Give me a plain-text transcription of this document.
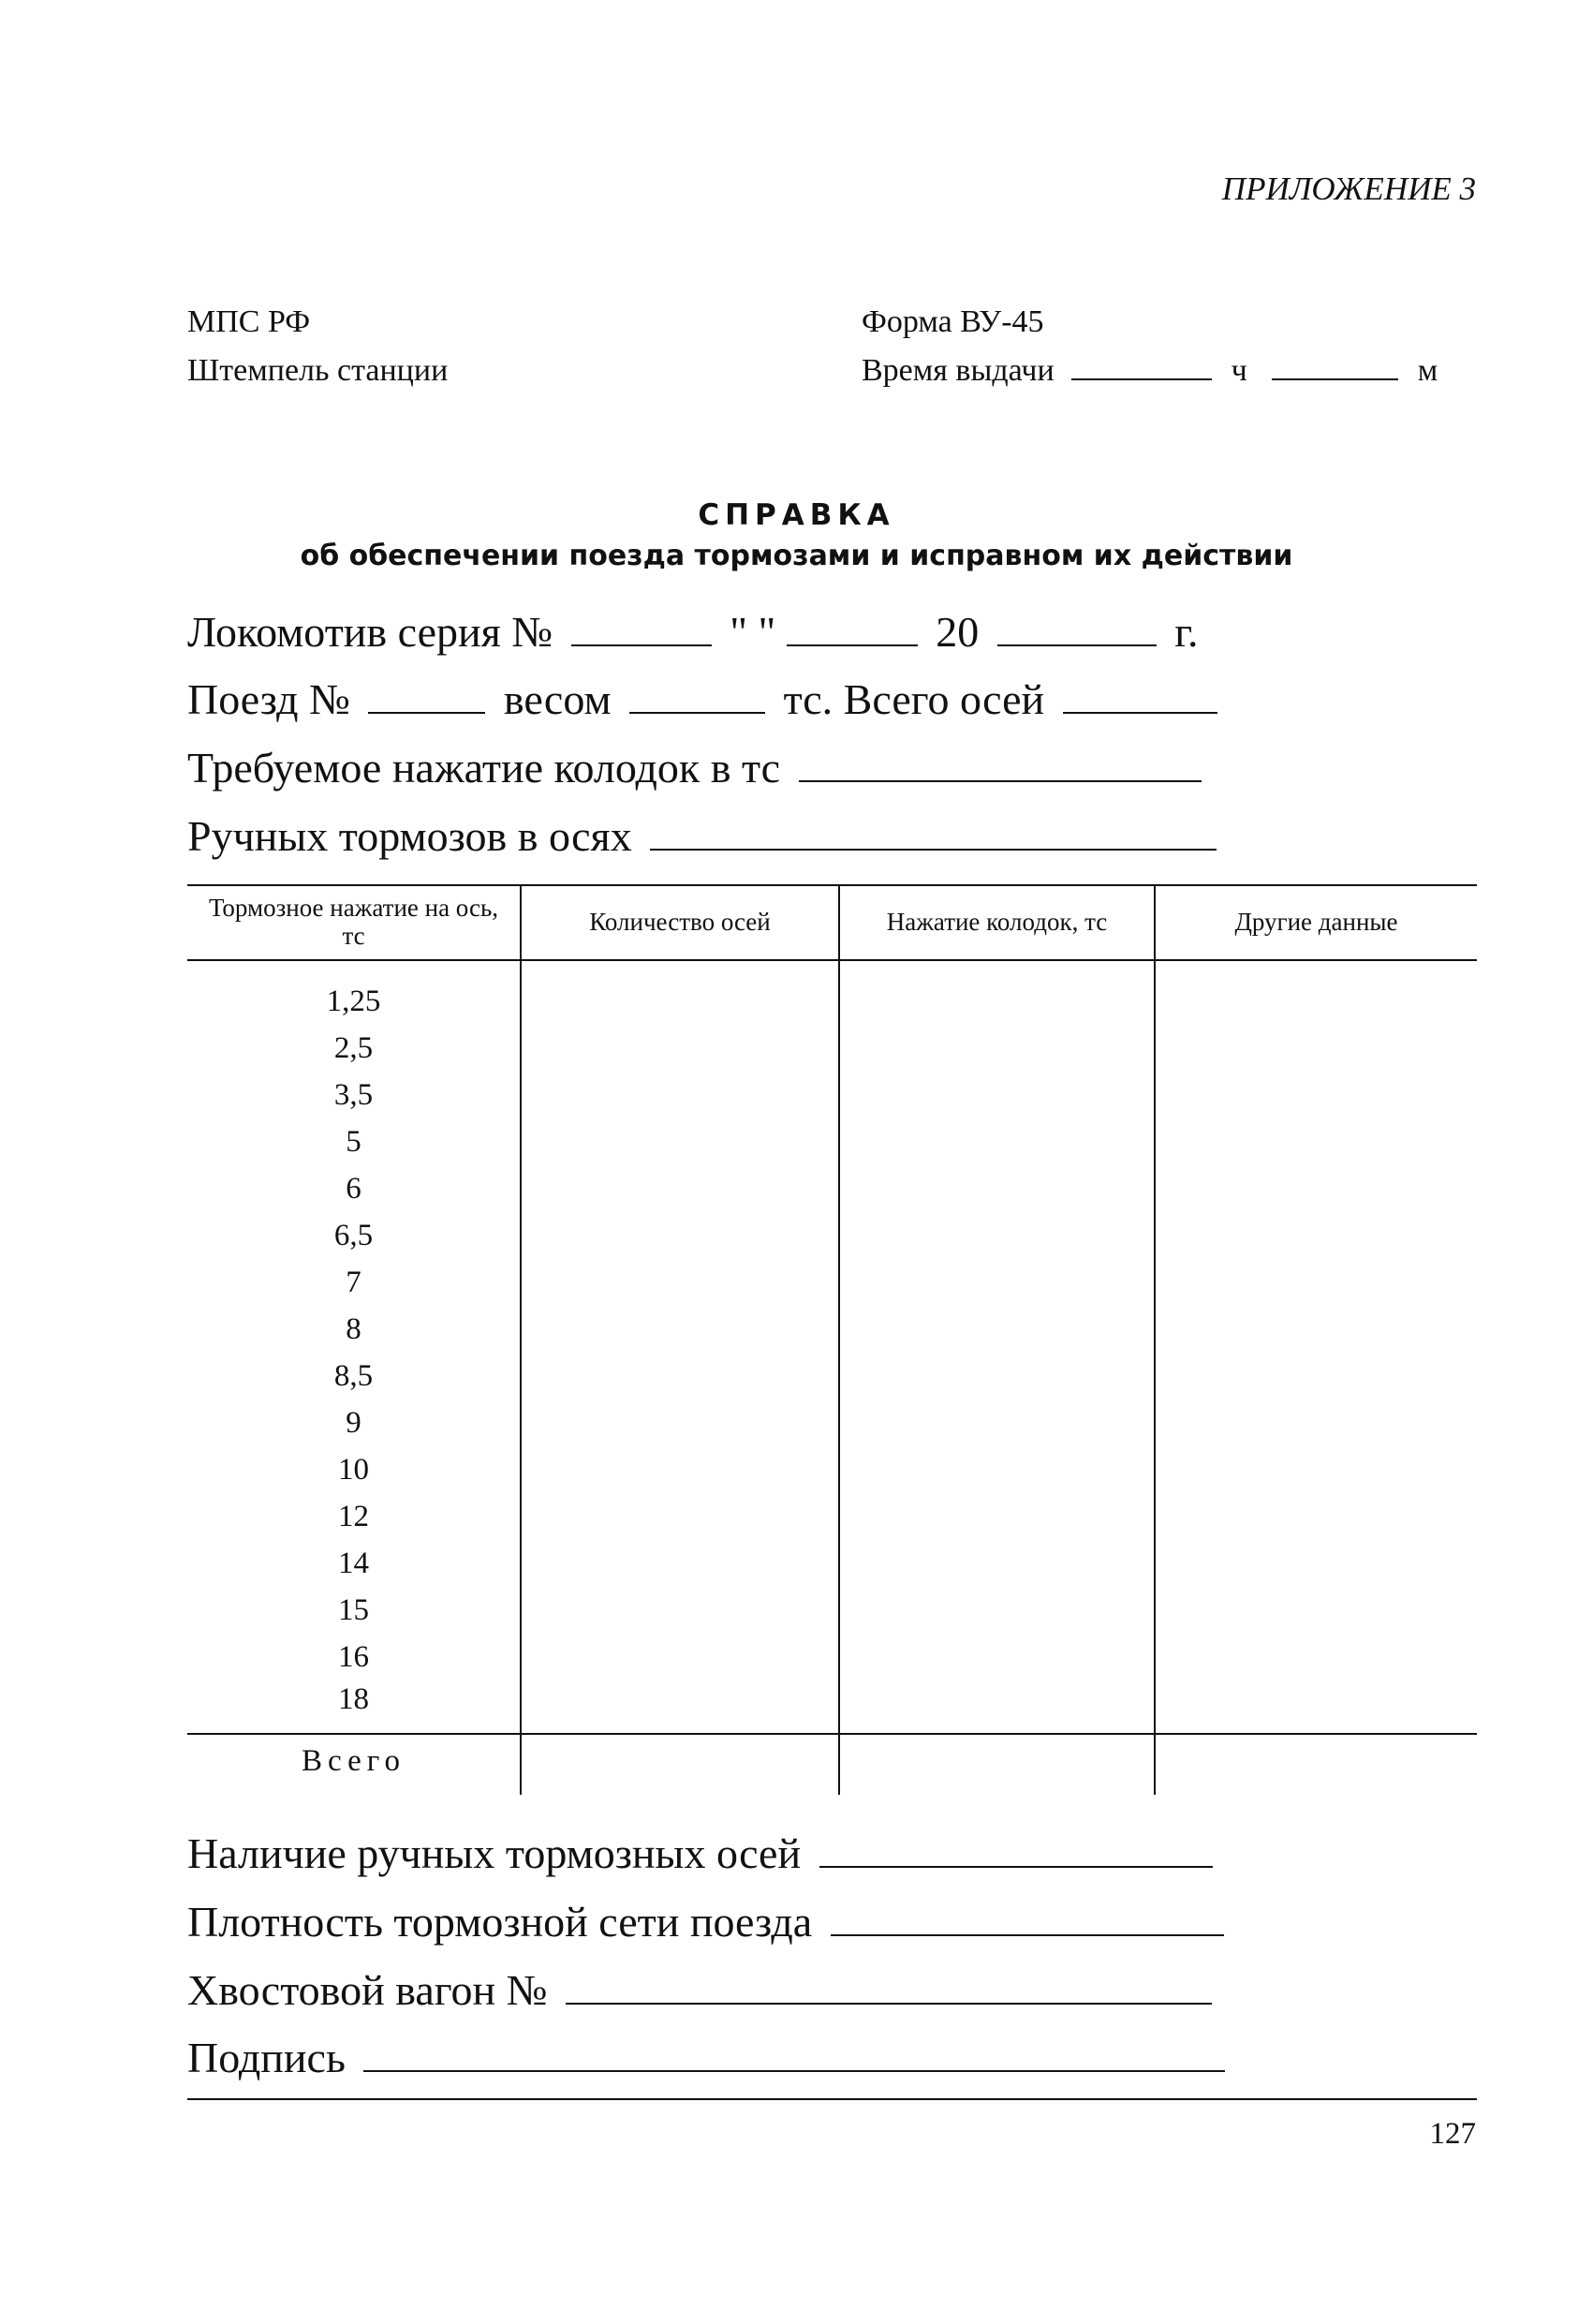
ПРИЛОЖЕНИЕ 3
МПС РФ
Штемпель станции
Форма ВУ-45
Время выдачи	ч	м
СПРАВКА
об обеспечении поезда тормозами и исправном их действии
Локомотив серия №	" "	20	г.
Поезд №	весом	тс. Всего осей
Требуемое нажатие колодок в тс
Ручных тормозов в осях
Тормозное нажатие на ось, тс	Количество осей	Нажатие колодок, тс	Другие данные
1,25
2,5
3,5
5
6
6,5
7
8
8,5
9
10
12
14
15
16
18
Всего
Наличие ручных тормозных осей
Плотность тормозной сети поезда
Хвостовой вагон №
Подпись
127
